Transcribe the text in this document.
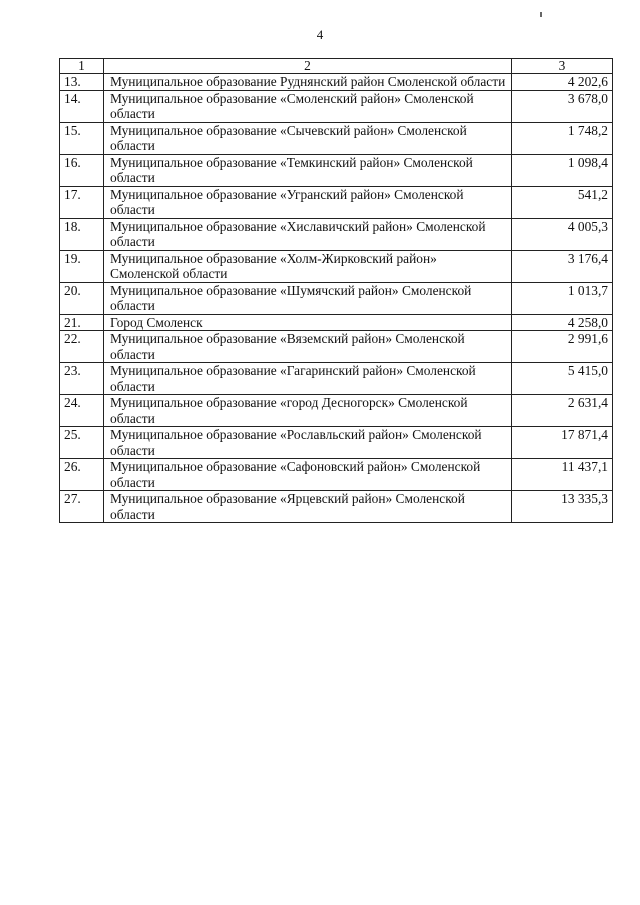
4
1	2	3
13.	Муниципальное образование Руднянский район Смоленской области	4 202,6
14.	Муниципальное образование «Смоленский район» Смоленской области	3 678,0
15.	Муниципальное образование «Сычевский район» Смоленской области	1 748,2
16.	Муниципальное образование «Темкинский район» Смоленской области	1 098,4
17.	Муниципальное образование «Угранский район» Смоленской области	541,2
18.	Муниципальное образование «Хиславичский район» Смоленской области	4 005,3
19.	Муниципальное образование «Холм-Жирковский район» Смоленской области	3 176,4
20.	Муниципальное образование «Шумячский район» Смоленской области	1 013,7
21.	Город Смоленск	4 258,0
22.	Муниципальное образование «Вяземский район» Смоленской области	2 991,6
23.	Муниципальное образование «Гагаринский район» Смоленской области	5 415,0
24.	Муниципальное образование «город Десногорск» Смоленской области	2 631,4
25.	Муниципальное образование «Рославльский район» Смоленской области	17 871,4
26.	Муниципальное образование «Сафоновский район» Смоленской области	11 437,1
27.	Муниципальное образование «Ярцевский район» Смоленской области	13 335,3
